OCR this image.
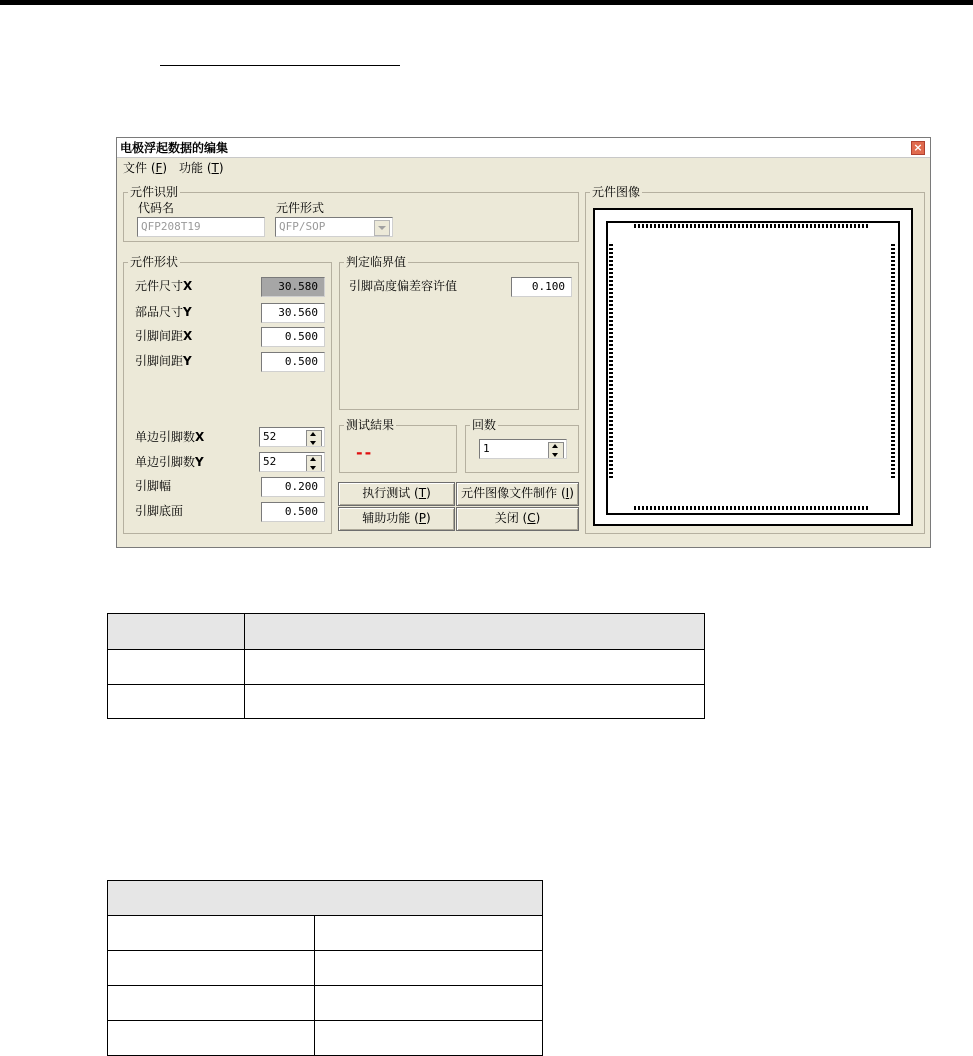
电极浮起数据的编集	×
文件 (F) 功能 (T)
元件识别
代码名	元件形式
QFP208T19	QFP/SOP
元件形状
元件尺寸X	30.580
部品尺寸Y	30.560
引脚间距X	0.500
引脚间距Y	0.500
单边引脚数X	52
单边引脚数Y	52
引脚幅	0.200
引脚底面	0.500
判定临界值
引脚高度偏差容许值	0.100
测试結果
--
回数
1
执行测试 (T)	元件图像文件制作 (I)
辅助功能 (P)	关闭 (C)
元件图像
